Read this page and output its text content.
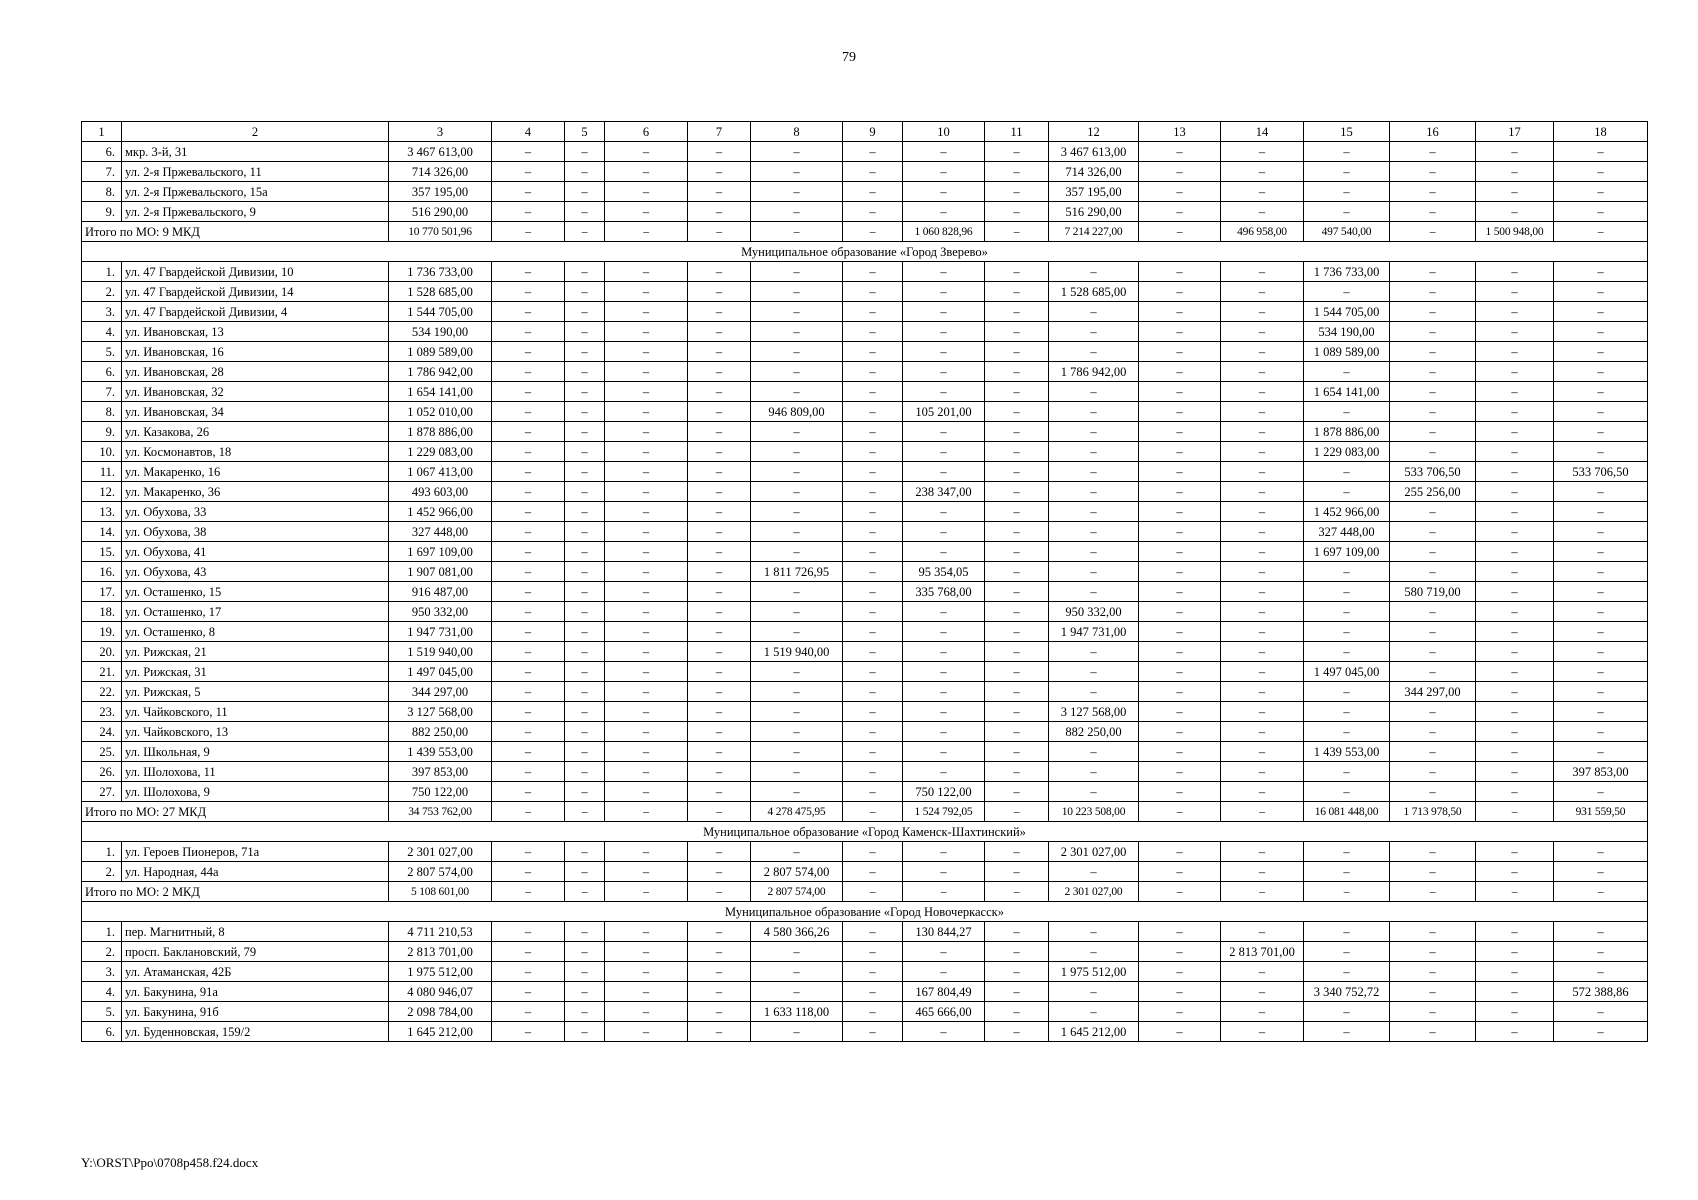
79
1	2	3	4	5	6	7	8	9	10	11	12	13	14	15	16	17	18
6.	мкр. 3-й, 31	3 467 613,00	–	–	–	–	–	–	–	–	3 467 613,00	–	–	–	–	–	–
7.	ул. 2-я Пржевальского, 11	714 326,00	–	–	–	–	–	–	–	–	714 326,00	–	–	–	–	–	–
8.	ул. 2-я Пржевальского, 15а	357 195,00	–	–	–	–	–	–	–	–	357 195,00	–	–	–	–	–	–
9.	ул. 2-я Пржевальского, 9	516 290,00	–	–	–	–	–	–	–	–	516 290,00	–	–	–	–	–	–
Итого по МО: 9 МКД		10 770 501,96	–	–	–	–	–	–	1 060 828,96	–	7 214 227,00	–	496 958,00	497 540,00	–	1 500 948,00	–
Муниципальное образование «Город Зверево»																	
1.	ул. 47 Гвардейской Дивизии, 10	1 736 733,00	–	–	–	–	–	–	–	–	–	–	–	1 736 733,00	–	–	–
2.	ул. 47 Гвардейской Дивизии, 14	1 528 685,00	–	–	–	–	–	–	–	–	1 528 685,00	–	–	–	–	–	–
3.	ул. 47 Гвардейской Дивизии, 4	1 544 705,00	–	–	–	–	–	–	–	–	–	–	–	1 544 705,00	–	–	–
4.	ул. Ивановская, 13	534 190,00	–	–	–	–	–	–	–	–	–	–	–	534 190,00	–	–	–
5.	ул. Ивановская, 16	1 089 589,00	–	–	–	–	–	–	–	–	–	–	–	1 089 589,00	–	–	–
6.	ул. Ивановская, 28	1 786 942,00	–	–	–	–	–	–	–	–	1 786 942,00	–	–	–	–	–	–
7.	ул. Ивановская, 32	1 654 141,00	–	–	–	–	–	–	–	–	–	–	–	1 654 141,00	–	–	–
8.	ул. Ивановская, 34	1 052 010,00	–	–	–	–	946 809,00	–	105 201,00	–	–	–	–	–	–	–	–
9.	ул. Казакова, 26	1 878 886,00	–	–	–	–	–	–	–	–	–	–	–	1 878 886,00	–	–	–
10.	ул. Космонавтов, 18	1 229 083,00	–	–	–	–	–	–	–	–	–	–	–	1 229 083,00	–	–	–
11.	ул. Макаренко, 16	1 067 413,00	–	–	–	–	–	–	–	–	–	–	–	–	533 706,50	–	533 706,50
12.	ул. Макаренко, 36	493 603,00	–	–	–	–	–	–	238 347,00	–	–	–	–	–	255 256,00	–	–
13.	ул. Обухова, 33	1 452 966,00	–	–	–	–	–	–	–	–	–	–	–	1 452 966,00	–	–	–
14.	ул. Обухова, 38	327 448,00	–	–	–	–	–	–	–	–	–	–	–	327 448,00	–	–	–
15.	ул. Обухова, 41	1 697 109,00	–	–	–	–	–	–	–	–	–	–	–	1 697 109,00	–	–	–
16.	ул. Обухова, 43	1 907 081,00	–	–	–	–	1 811 726,95	–	95 354,05	–	–	–	–	–	–	–	–
17.	ул. Осташенко, 15	916 487,00	–	–	–	–	–	–	335 768,00	–	–	–	–	–	580 719,00	–	–
18.	ул. Осташенко, 17	950 332,00	–	–	–	–	–	–	–	–	950 332,00	–	–	–	–	–	–
19.	ул. Осташенко, 8	1 947 731,00	–	–	–	–	–	–	–	–	1 947 731,00	–	–	–	–	–	–
20.	ул. Рижская, 21	1 519 940,00	–	–	–	–	1 519 940,00	–	–	–	–	–	–	–	–	–	–
21.	ул. Рижская, 31	1 497 045,00	–	–	–	–	–	–	–	–	–	–	–	1 497 045,00	–	–	–
22.	ул. Рижская, 5	344 297,00	–	–	–	–	–	–	–	–	–	–	–	–	344 297,00	–	–
23.	ул. Чайковского, 11	3 127 568,00	–	–	–	–	–	–	–	–	3 127 568,00	–	–	–	–	–	–
24.	ул. Чайковского, 13	882 250,00	–	–	–	–	–	–	–	–	882 250,00	–	–	–	–	–	–
25.	ул. Школьная, 9	1 439 553,00	–	–	–	–	–	–	–	–	–	–	–	1 439 553,00	–	–	–
26.	ул. Шолохова, 11	397 853,00	–	–	–	–	–	–	–	–	–	–	–	–	–	–	397 853,00
27.	ул. Шолохова, 9	750 122,00	–	–	–	–	–	–	750 122,00	–	–	–	–	–	–	–	–
Итого по МО: 27 МКД		34 753 762,00	–	–	–	–	4 278 475,95	–	1 524 792,05	–	10 223 508,00	–	–	16 081 448,00	1 713 978,50	–	931 559,50
Муниципальное образование «Город Каменск-Шахтинский»																	
1.	ул. Героев Пионеров, 71а	2 301 027,00	–	–	–	–	–	–	–	–	2 301 027,00	–	–	–	–	–	–
2.	ул. Народная, 44а	2 807 574,00	–	–	–	–	2 807 574,00	–	–	–	–	–	–	–	–	–	–
Итого по МО: 2 МКД		5 108 601,00	–	–	–	–	2 807 574,00	–	–	–	2 301 027,00	–	–	–	–	–	–
Муниципальное образование «Город Новочеркасск»																	
1.	пер. Магнитный, 8	4 711 210,53	–	–	–	–	4 580 366,26	–	130 844,27	–	–	–	–	–	–	–	–
2.	просп. Баклановский, 79	2 813 701,00	–	–	–	–	–	–	–	–	–	–	2 813 701,00	–	–	–	–
3.	ул. Атаманская, 42Б	1 975 512,00	–	–	–	–	–	–	–	–	1 975 512,00	–	–	–	–	–	–
4.	ул. Бакунина, 91а	4 080 946,07	–	–	–	–	–	–	167 804,49	–	–	–	–	3 340 752,72	–	–	572 388,86
5.	ул. Бакунина, 91б	2 098 784,00	–	–	–	–	1 633 118,00	–	465 666,00	–	–	–	–	–	–	–	–
6.	ул. Буденновская, 159/2	1 645 212,00	–	–	–	–	–	–	–	–	1 645 212,00	–	–	–	–	–	–
Y:\ORST\Ppo\0708p458.f24.docx
